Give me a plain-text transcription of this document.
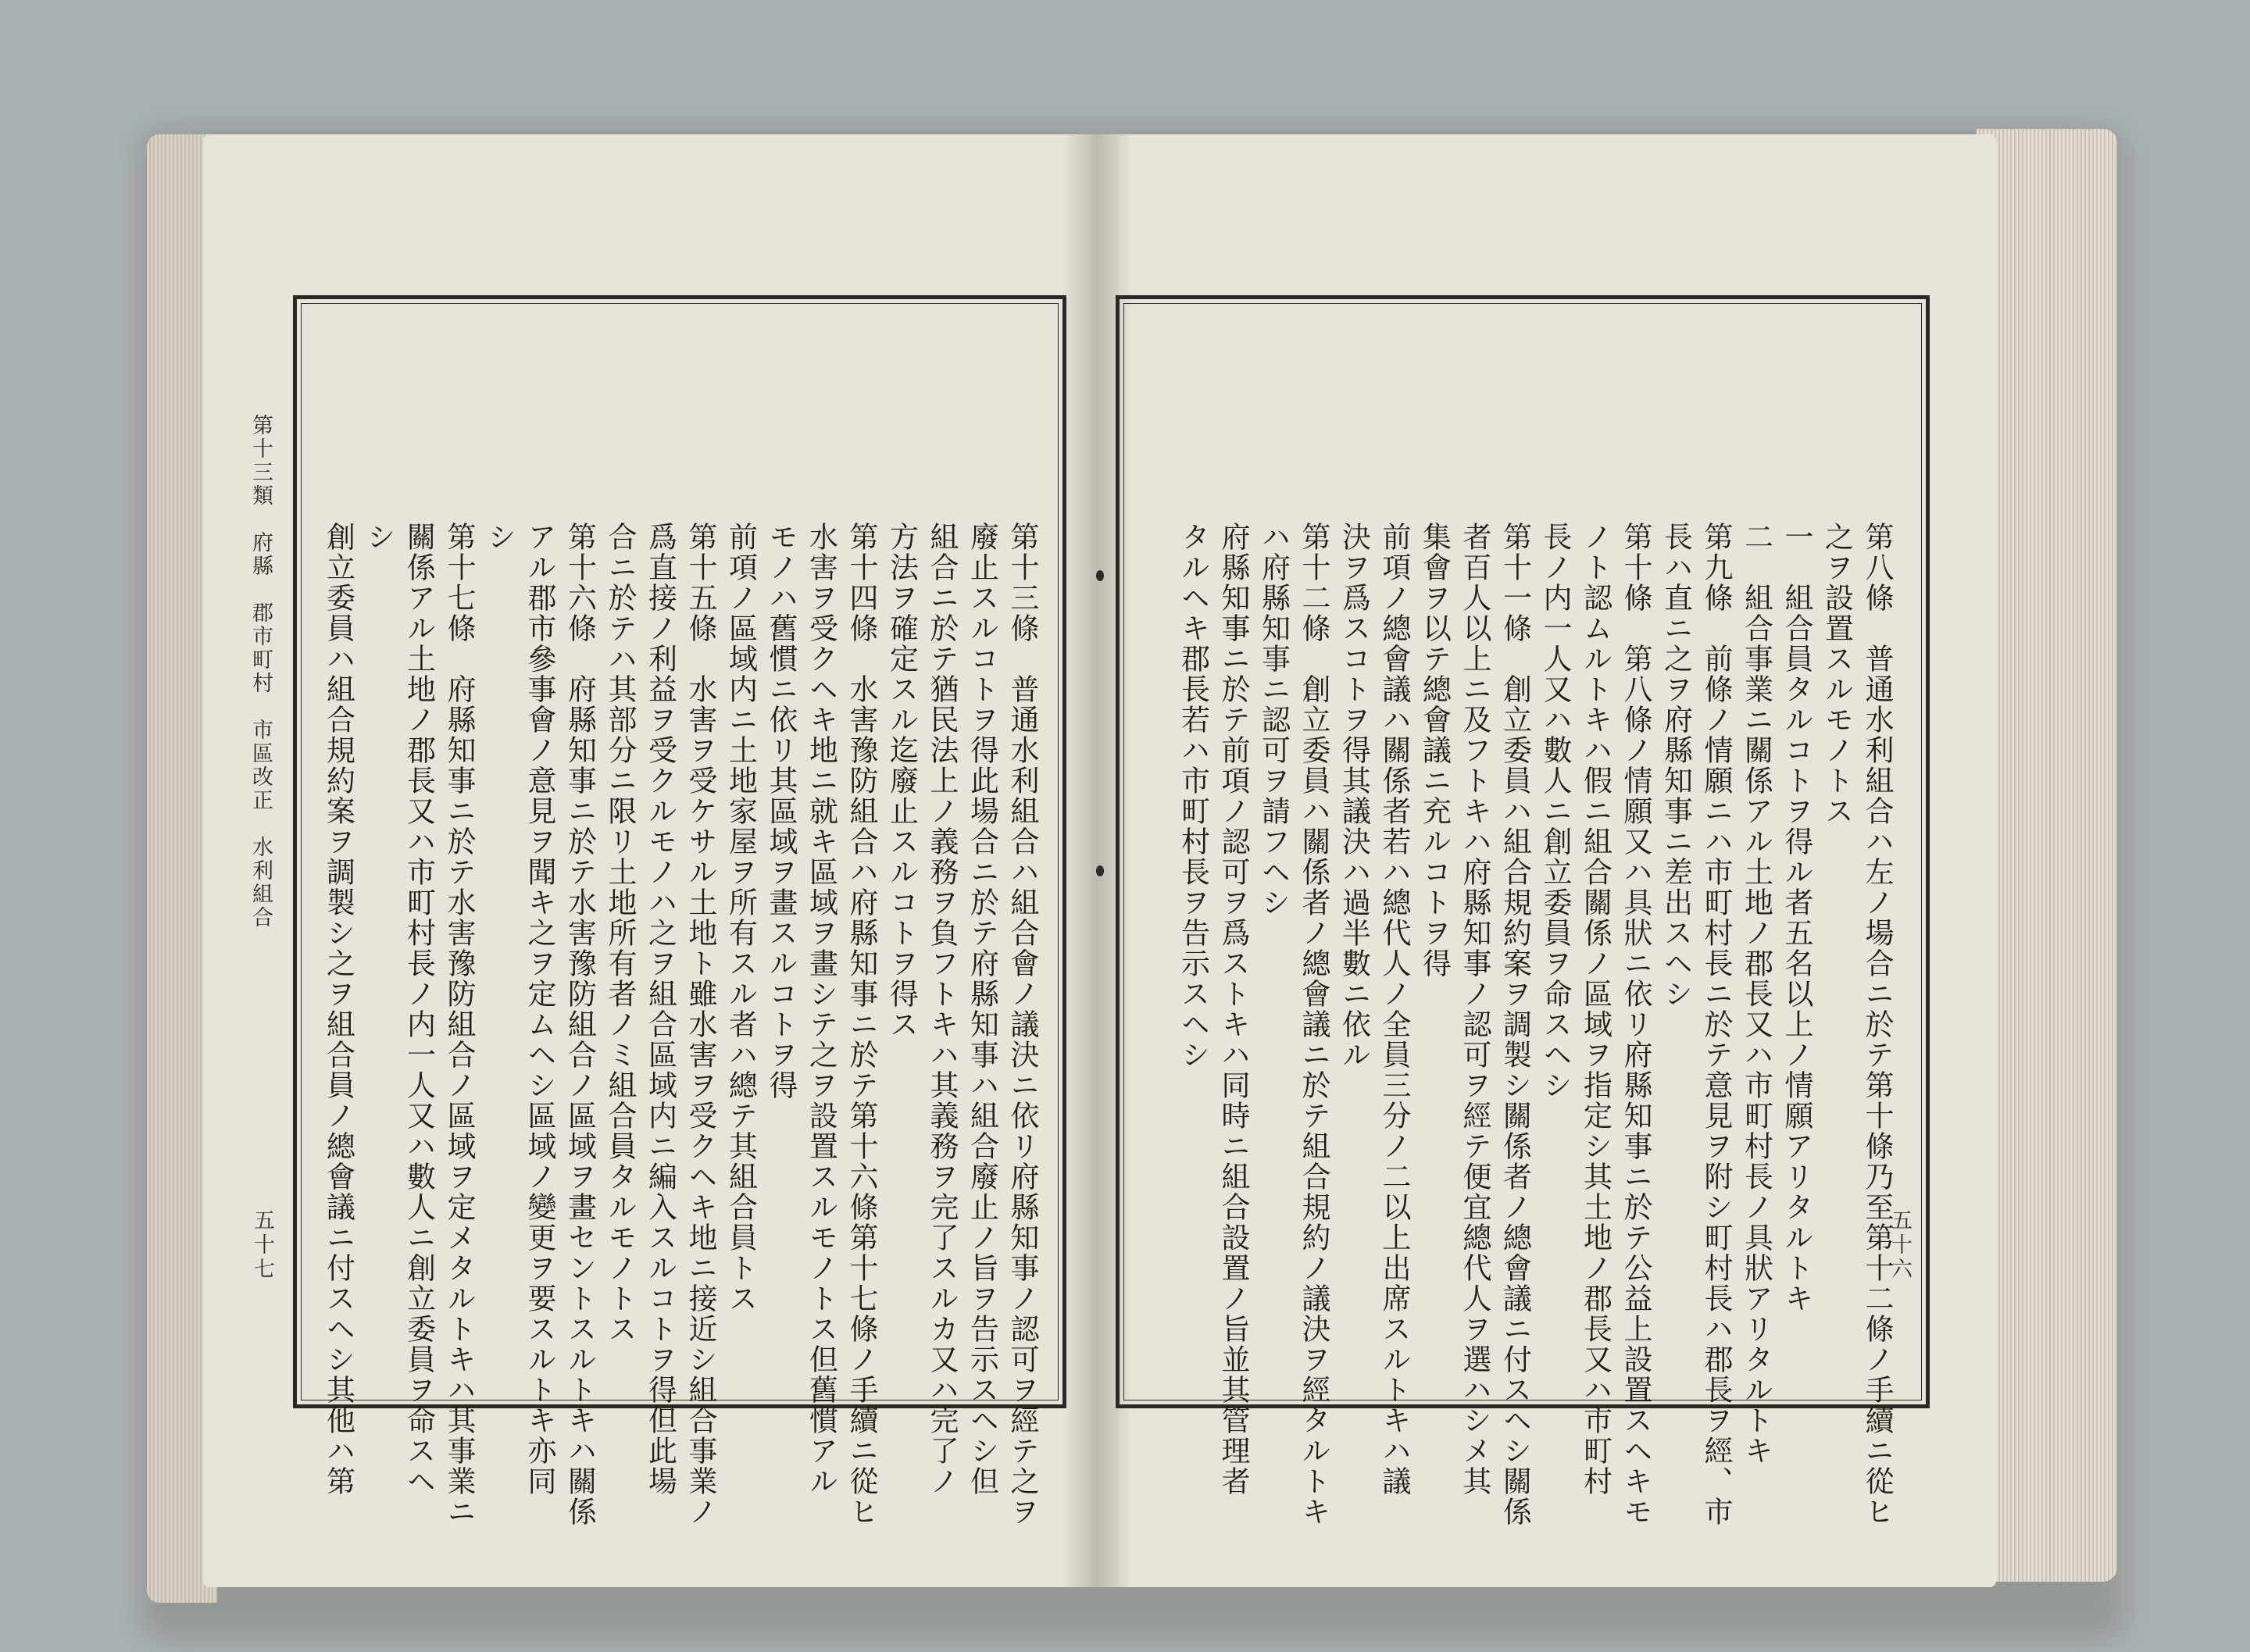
第十三類　府縣　郡市町村　市區改正　水利組合
五十七	第十三條　普通水利組合ハ組合會ノ議決ニ依リ府縣知事ノ認可ヲ經テ之ヲ
廢止スルコトヲ得此場合ニ於テ府縣知事ハ組合廢止ノ旨ヲ告示スヘシ但
組合ニ於テ猶民法上ノ義務ヲ負フトキハ其義務ヲ完了スルカ又ハ完了ノ
方法ヲ確定スル迄廢止スルコトヲ得ス
第十四條　水害豫防組合ハ府縣知事ニ於テ第十六條第十七條ノ手續ニ從ヒ
水害ヲ受クヘキ地ニ就キ區域ヲ畫シテ之ヲ設置スルモノトス但舊慣アル
モノハ舊慣ニ依リ其區域ヲ畫スルコトヲ得
前項ノ區域内ニ土地家屋ヲ所有スル者ハ總テ其組合員トス
第十五條　水害ヲ受ケサル土地ト雖水害ヲ受クヘキ地ニ接近シ組合事業ノ
爲直接ノ利益ヲ受クルモノハ之ヲ組合區域内ニ編入スルコトヲ得但此場
合ニ於テハ其部分ニ限リ土地所有者ノミ組合員タルモノトス
第十六條　府縣知事ニ於テ水害豫防組合ノ區域ヲ畫セントスルトキハ關係
アル郡市參事會ノ意見ヲ聞キ之ヲ定ムヘシ區域ノ變更ヲ要スルトキ亦同
シ
第十七條　府縣知事ニ於テ水害豫防組合ノ區域ヲ定メタルトキハ其事業ニ
關係アル土地ノ郡長又ハ市町村長ノ内一人又ハ數人ニ創立委員ヲ命スヘ
シ
創立委員ハ組合規約案ヲ調製シ之ヲ組合員ノ總會議ニ付スヘシ其他ハ第	五十六
第八條　普通水利組合ハ左ノ場合ニ於テ第十條乃至第十二條ノ手續ニ從ヒ
之ヲ設置スルモノトス
一　組合員タルコトヲ得ル者五名以上ノ情願アリタルトキ
二　組合事業ニ關係アル土地ノ郡長又ハ市町村長ノ具狀アリタルトキ
第九條　前條ノ情願ニハ市町村長ニ於テ意見ヲ附シ町村長ハ郡長ヲ經、市
長ハ直ニ之ヲ府縣知事ニ差出スヘシ
第十條　第八條ノ情願又ハ具狀ニ依リ府縣知事ニ於テ公益上設置スヘキモ
ノト認ムルトキハ假ニ組合關係ノ區域ヲ指定シ其土地ノ郡長又ハ市町村
長ノ内一人又ハ數人ニ創立委員ヲ命スヘシ
第十一條　創立委員ハ組合規約案ヲ調製シ關係者ノ總會議ニ付スヘシ關係
者百人以上ニ及フトキハ府縣知事ノ認可ヲ經テ便宜總代人ヲ選ハシメ其
集會ヲ以テ總會議ニ充ルコトヲ得
前項ノ總會議ハ關係者若ハ總代人ノ全員三分ノ二以上出席スルトキハ議
決ヲ爲スコトヲ得其議決ハ過半數ニ依ル
第十二條　創立委員ハ關係者ノ總會議ニ於テ組合規約ノ議決ヲ經タルトキ
ハ府縣知事ニ認可ヲ請フヘシ
府縣知事ニ於テ前項ノ認可ヲ爲ストキハ同時ニ組合設置ノ旨並其管理者
タルヘキ郡長若ハ市町村長ヲ告示スヘシ
